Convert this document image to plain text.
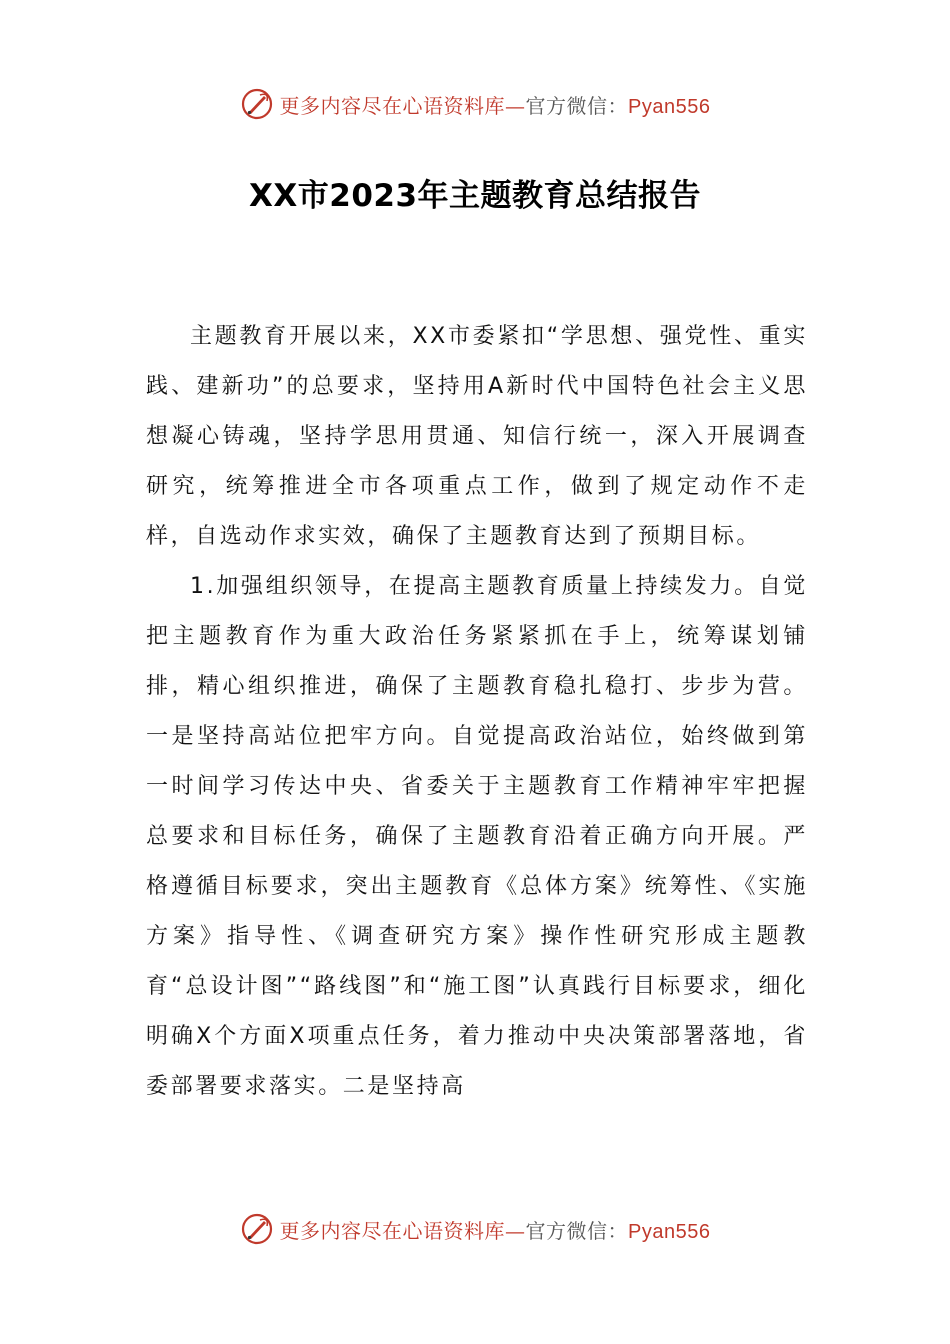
更多内容尽在心语资料库—官方微信：Pyan556
XX市2023年主题教育总结报告

主题教育开展以来，XX市委紧扣“学思想、强党性、重实践、建新功”的总要求，坚持用A新时代中国特色社会主义思想凝心铸魂，坚持学思用贯通、知信行统一，深入开展调查研究，统筹推进全市各项重点工作，做到了规定动作不走样，自选动作求实效，确保了主题教育达到了预期目标。

1.加强组织领导，在提高主题教育质量上持续发力。自觉把主题教育作为重大政治任务紧紧抓在手上，统筹谋划铺排，精心组织推进，确保了主题教育稳扎稳打、步步为营。一是坚持高站位把牢方向。自觉提高政治站位，始终做到第一时间学习传达中央、省委关于主题教育工作精神牢牢把握总要求和目标任务，确保了主题教育沿着正确方向开展。严格遵循目标要求，突出主题教育《总体方案》统筹性、《实施方案》指导性、《调查研究方案》操作性研究形成主题教育“总设计图”“路线图”和“施工图”认真践行目标要求，细化明确X个方面X项重点任务，着力推动中央决策部署落地，省委部署要求落实。二是坚持高

更多内容尽在心语资料库—官方微信：Pyan556
